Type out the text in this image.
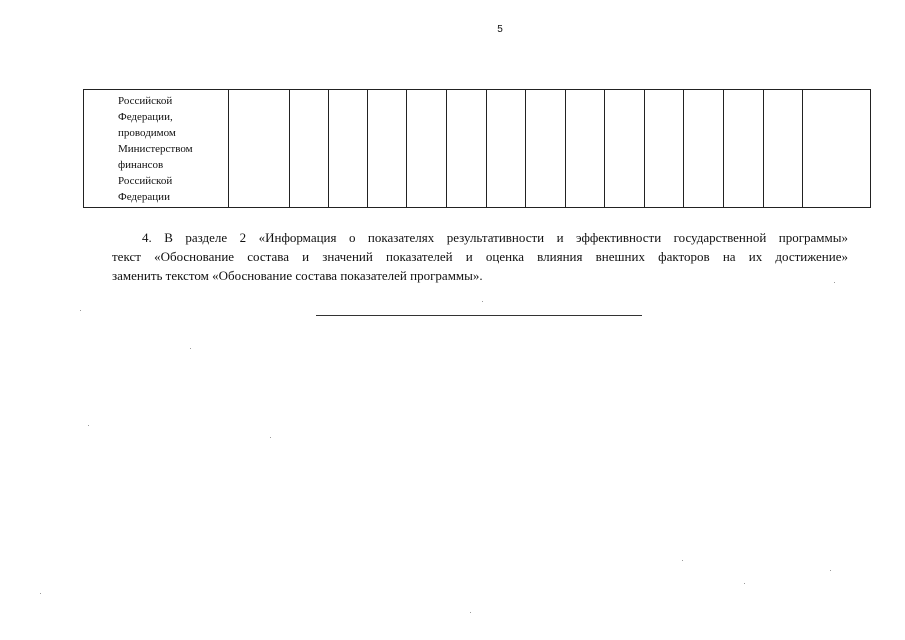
5
Российской
Федерации,
проводимом
Министерством
финансов
Российской
Федерации

4. В разделе 2 «Информация о показателях результативности и эффективности государственной программы»
текст «Обоснование состава и значений показателей и оценка влияния внешних факторов на их достижение»
заменить текстом «Обоснование состава показателей программы».
